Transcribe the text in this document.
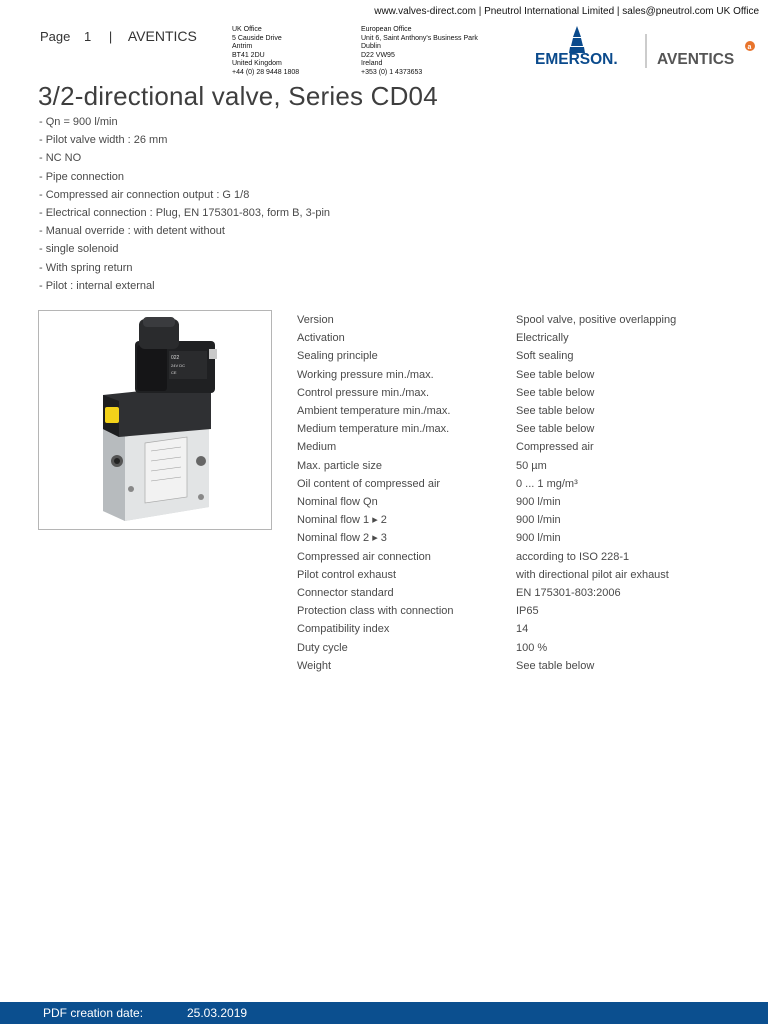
www.valves-direct.com | Pneutrol International Limited | sales@pneutrol.com UK Office
Page 1 | AVENTICS	UK Office
5 Causide Drive
Antrim
BT41 2DU
United Kingdom
+44 (0) 28 9448 1808
European Office
Unit 6, Saint Anthony's Business Park
Dublin
D22 VW95
Ireland
+353 (0) 1 4373653
EMERSON.	AVENTICS
a
3/2-directional valve, Series CD04
- Qn = 900 l/min
- Pilot valve width : 26 mm
- NC NO
- Pipe connection
- Compressed air connection output : G 1/8
- Electrical connection : Plug, EN 175301-803, form B, 3-pin
- Manual override : with detent without
- single solenoid
- With spring return
- Pilot : internal external
022
24V DC
CE
Version	Spool valve, positive overlapping
Activation	Electrically
Sealing principle	Soft sealing
Working pressure min./max.	See table below
Control pressure min./max.	See table below
Ambient temperature min./max.	See table below
Medium temperature min./max.	See table below
Medium	Compressed air
Max. particle size	50 µm
Oil content of compressed air	0 ... 1 mg/m³
Nominal flow Qn	900 l/min
Nominal flow 1 ▸ 2	900 l/min
Nominal flow 2 ▸ 3	900 l/min
Compressed air connection	according to ISO 228-1
Pilot control exhaust	with directional pilot air exhaust
Connector standard	EN 175301-803:2006
Protection class with connection	IP65
Compatibility index	14
Duty cycle	100 %
Weight	See table below
PDF creation date:	25.03.2019
